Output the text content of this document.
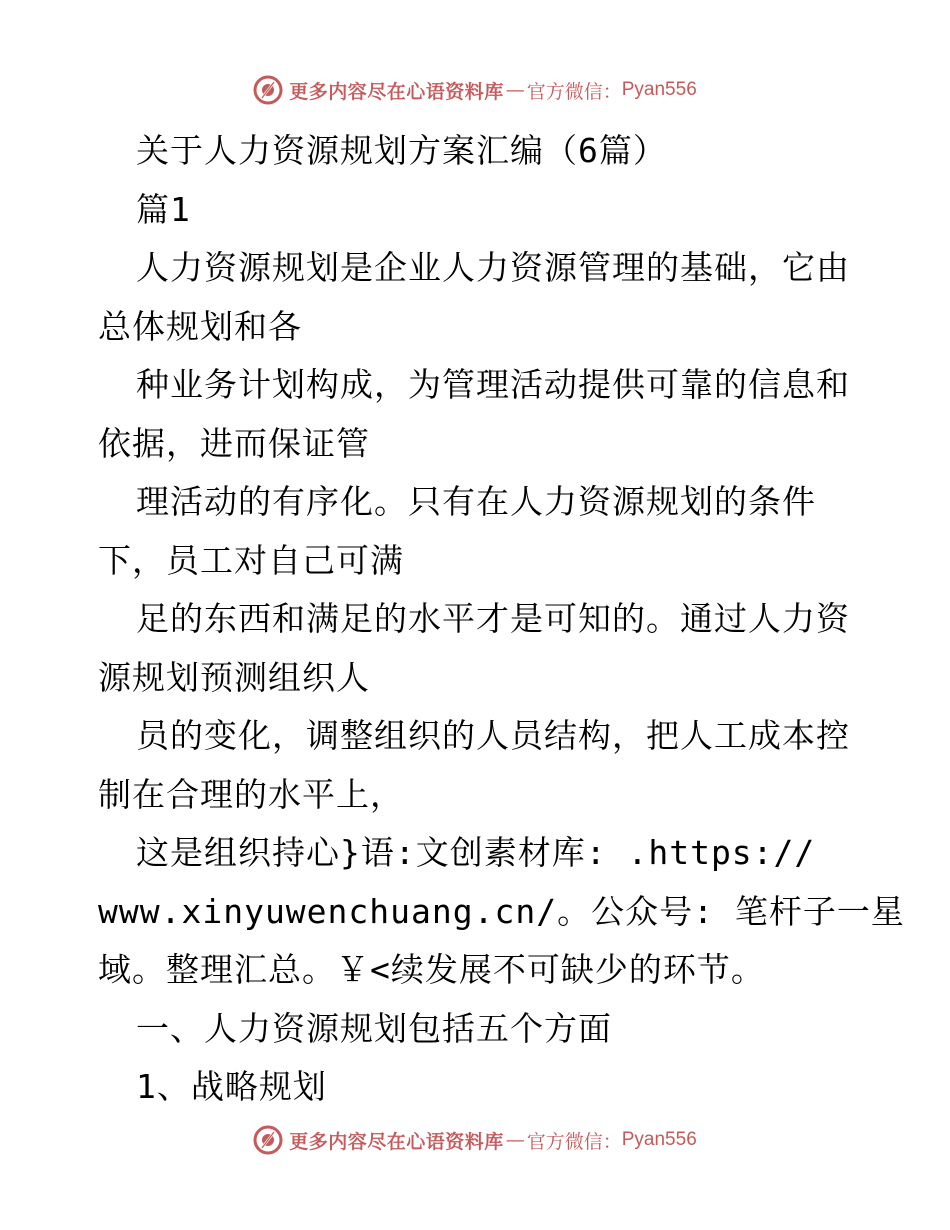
更多内容尽在心语资料库 — 官方微信： Pyan556
关于人力资源规划方案汇编（6篇）
篇1
人力资源规划是企业人力资源管理的基础，它由
总体规划和各
种业务计划构成，为管理活动提供可靠的信息和
依据，进而保证管
理活动的有序化。只有在人力资源规划的条件
下，员工对自己可满
足的东西和满足的水平才是可知的。通过人力资
源规划预测组织人
员的变化，调整组织的人员结构，把人工成本控
制在合理的水平上，
这是组织持心}语:文创素材库: .https://
www.xinyuwenchuang.cn/。公众号: 笔杆子一星
域。整理汇总。￥<续发展不可缺少的环节。
一、人力资源规划包括五个方面
1、战略规划
更多内容尽在心语资料库 — 官方微信： Pyan556
